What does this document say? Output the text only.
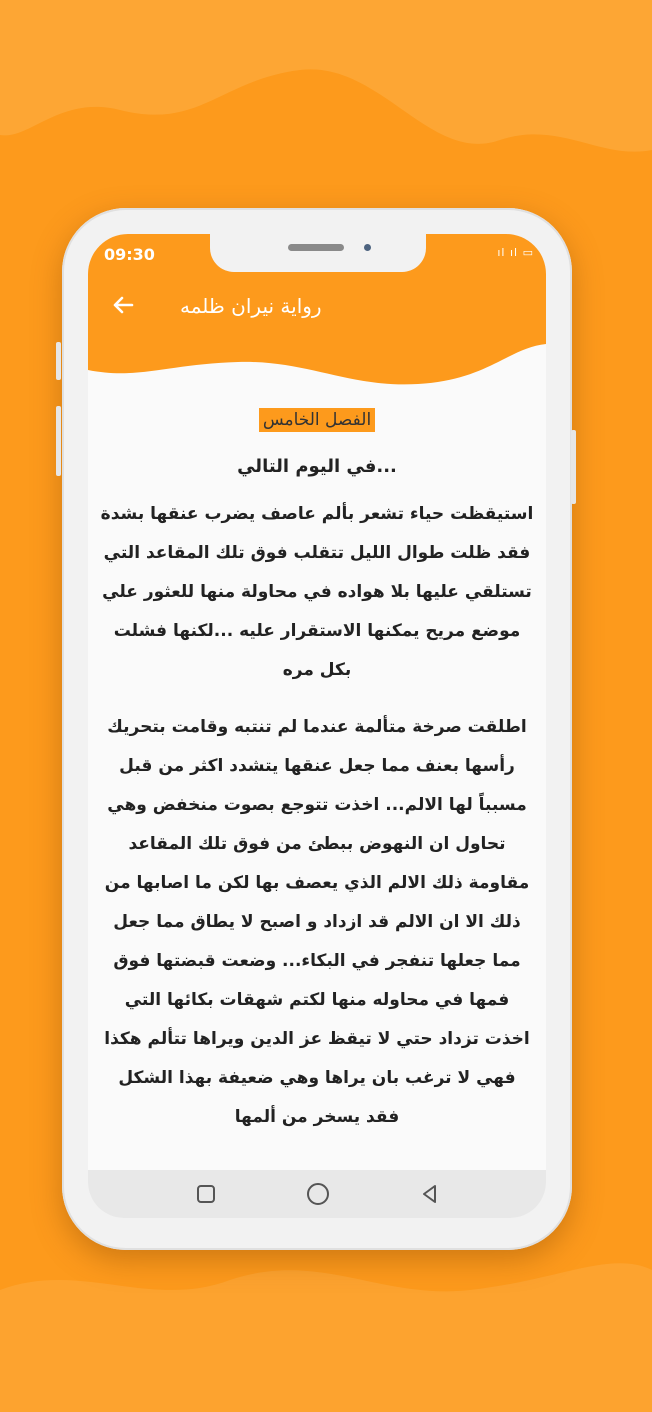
09:30	ıl ıl ▭
رواية نيران ظلمه
الفصل الخامس
...في اليوم التالي
استيقظت حياء تشعر بألم عاصف يضرب عنقها بشدة فقد ظلت طوال الليل تتقلب فوق تلك المقاعد التي تستلقي عليها بلا هواده في محاولة منها للعثور علي موضع مريح يمكنها الاستقرار عليه ...لكنها فشلت بكل مره
اطلقت صرخة متألمة عندما لم تنتبه وقامت بتحريك رأسها بعنف مما جعل عنقها يتشدد اكثر من قبل مسبباً لها الالم... اخذت تتوجع بصوت منخفض وهي تحاول ان النهوض ببطئ من فوق تلك المقاعد مقاومة ذلك الالم الذي يعصف بها لكن ما اصابها من ذلك الا ان الالم قد ازداد و اصبح لا يطاق مما جعل مما جعلها تنفجر في البكاء... وضعت قبضتها فوق فمها في محاوله منها لكتم شهقات بكائها التي اخذت تزداد حتي لا تيقظ عز الدين ويراها تتألم هكذا فهي لا ترغب بان يراها وهي ضعيفة بهذا الشكل فقد يسخر من ألمها
